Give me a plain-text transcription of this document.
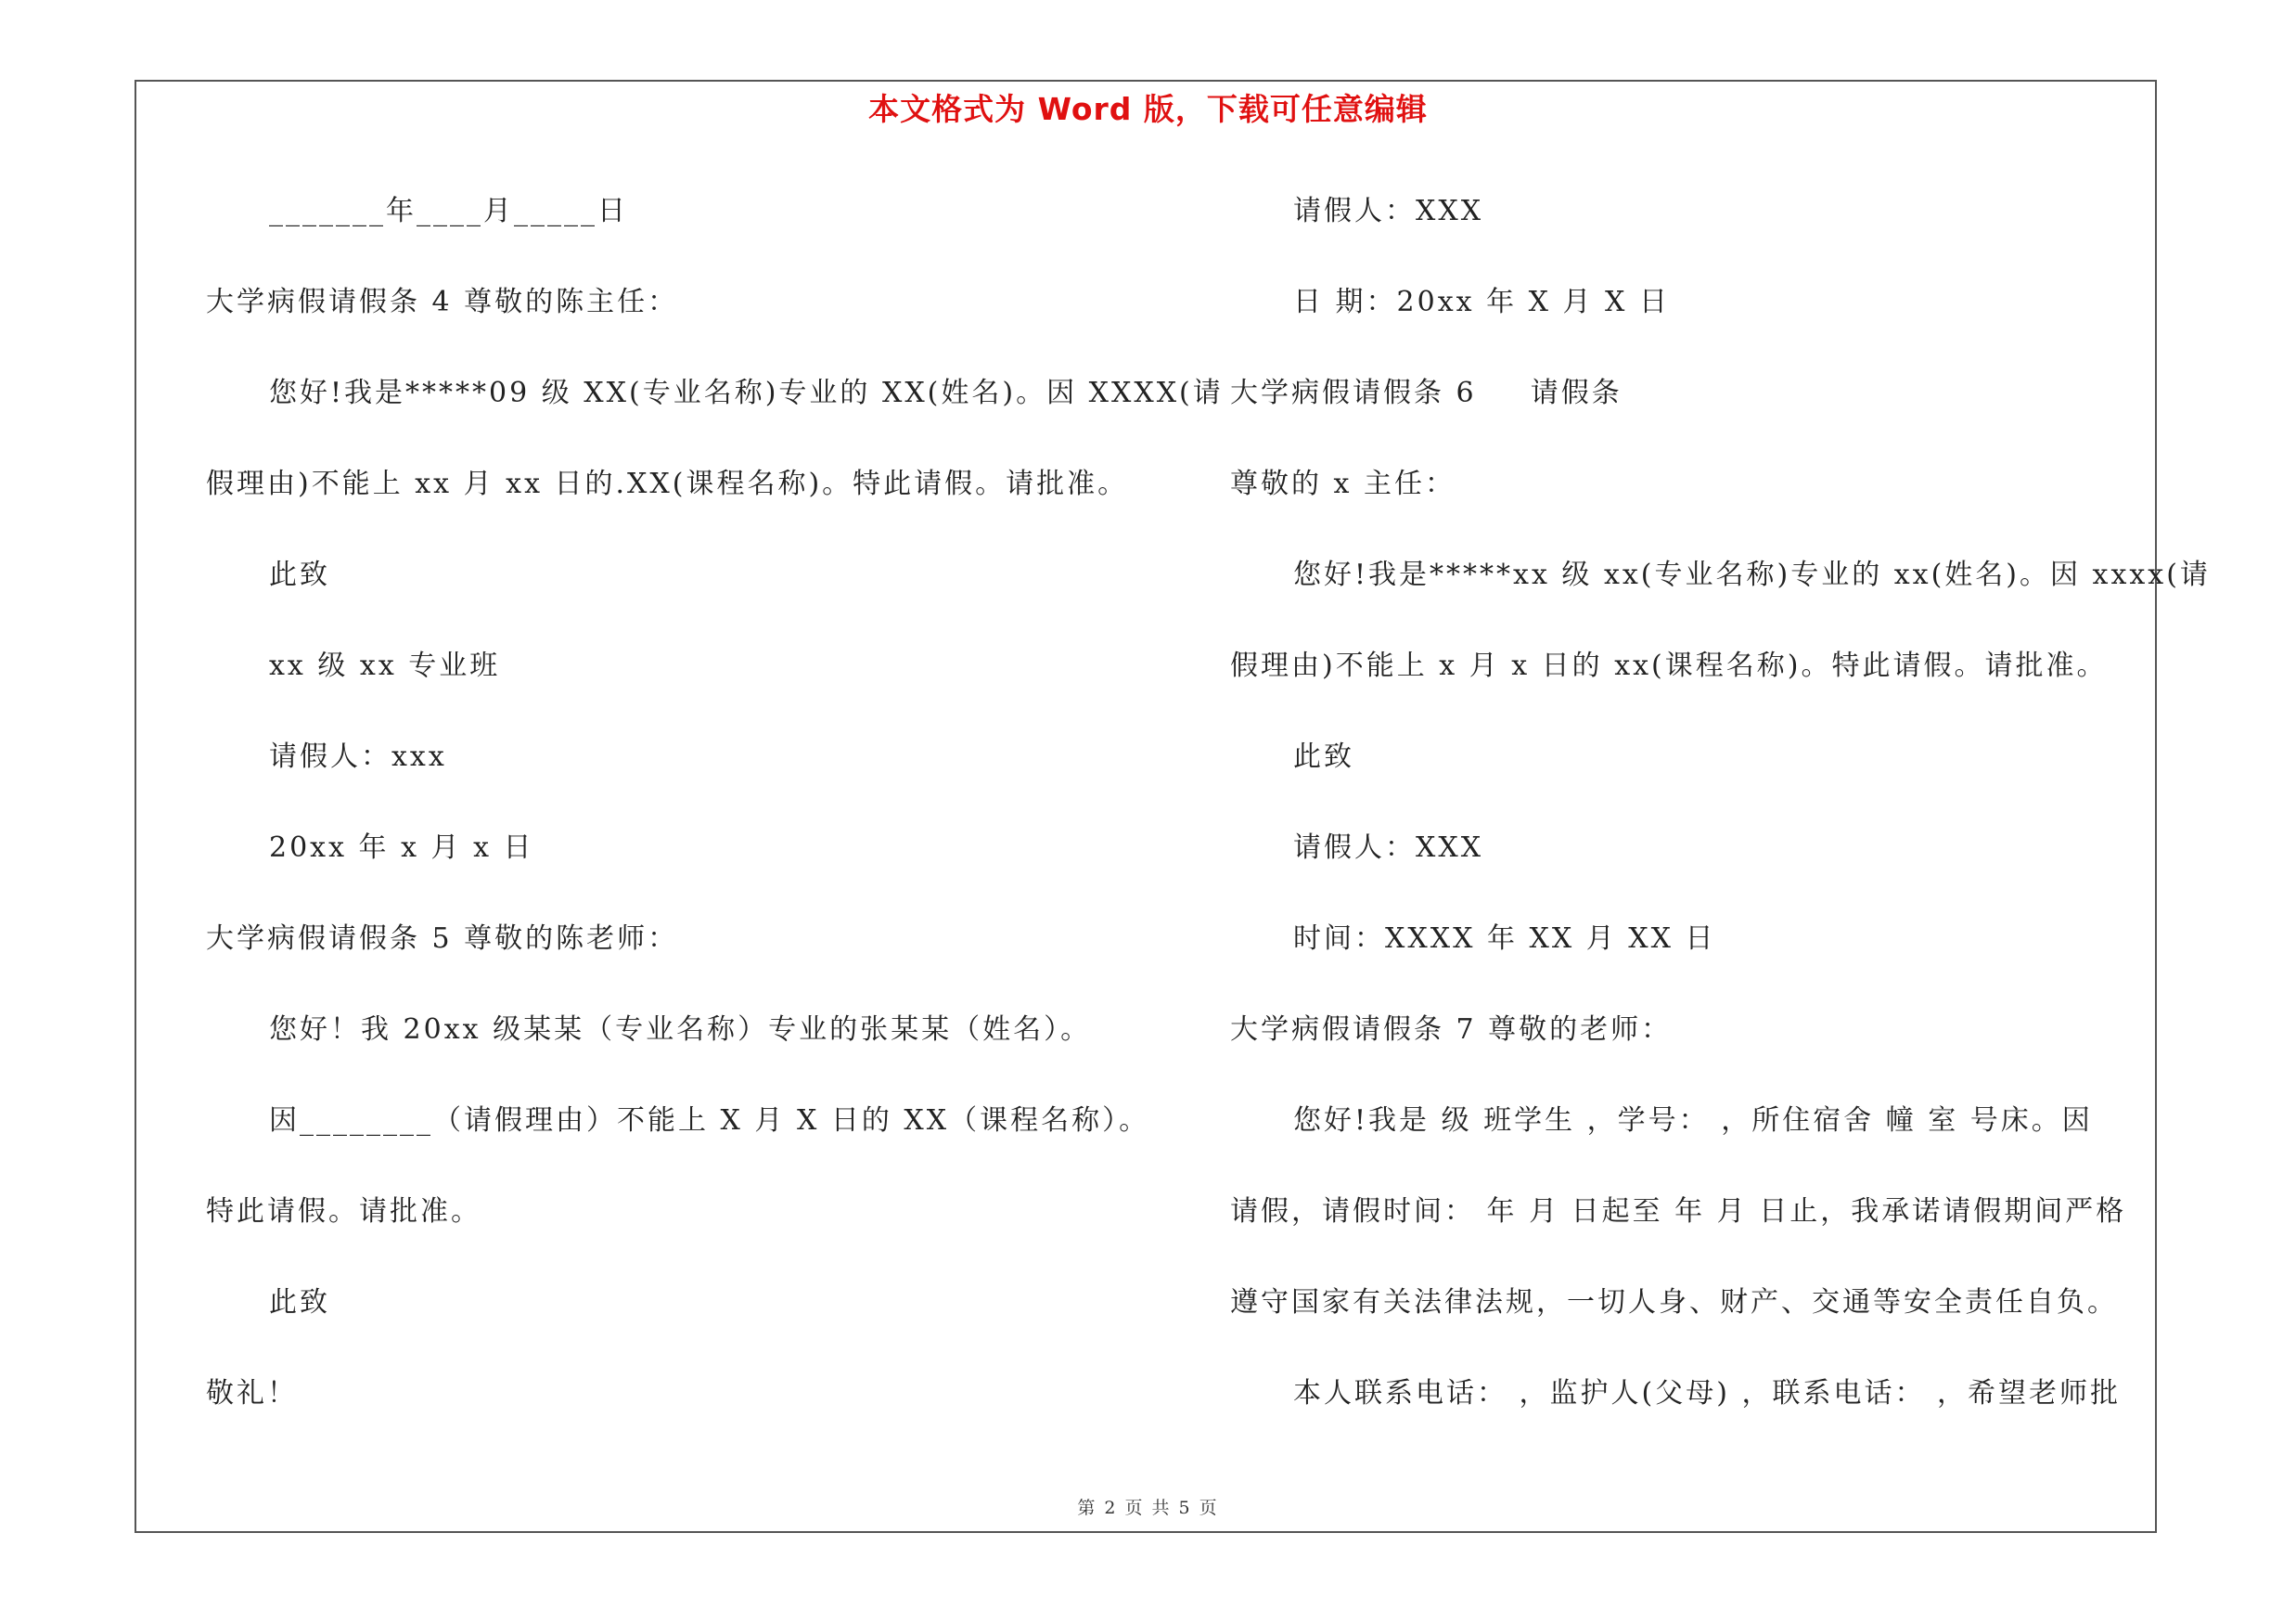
本文格式为 Word 版，下载可任意编辑
_______年____月_____日
大学病假请假条 4 尊敬的陈主任：
您好!我是*****09 级 XX(专业名称)专业的 XX(姓名)。因 XXXX(请
假理由)不能上 xx 月 xx 日的.XX(课程名称)。特此请假。请批准。
此致
xx 级 xx 专业班
请假人：xxx
20xx 年 x 月 x 日
大学病假请假条 5 尊敬的陈老师：
您好！我 20xx 级某某（专业名称）专业的张某某（姓名）。
因________（请假理由）不能上 X 月 X 日的 XX（课程名称）。
特此请假。请批准。
此致
敬礼！
请假人：XXX
日 期：20xx 年 X 月 X 日
大学病假请假条 6 　 请假条
尊敬的 x 主任：
您好!我是*****xx 级 xx(专业名称)专业的 xx(姓名)。因 xxxx(请
假理由)不能上 x 月 x 日的 xx(课程名称)。特此请假。请批准。
此致
请假人：XXX
时间：XXXX 年 XX 月 XX 日
大学病假请假条 7 尊敬的老师：
您好!我是 级 班学生 ，学号： ，所住宿舍 幢 室 号床。因
请假，请假时间： 年 月 日起至 年 月 日止，我承诺请假期间严格
遵守国家有关法律法规，一切人身、财产、交通等安全责任自负。
本人联系电话： ，监护人(父母) ，联系电话： ，希望老师批
第 2 页 共 5 页
